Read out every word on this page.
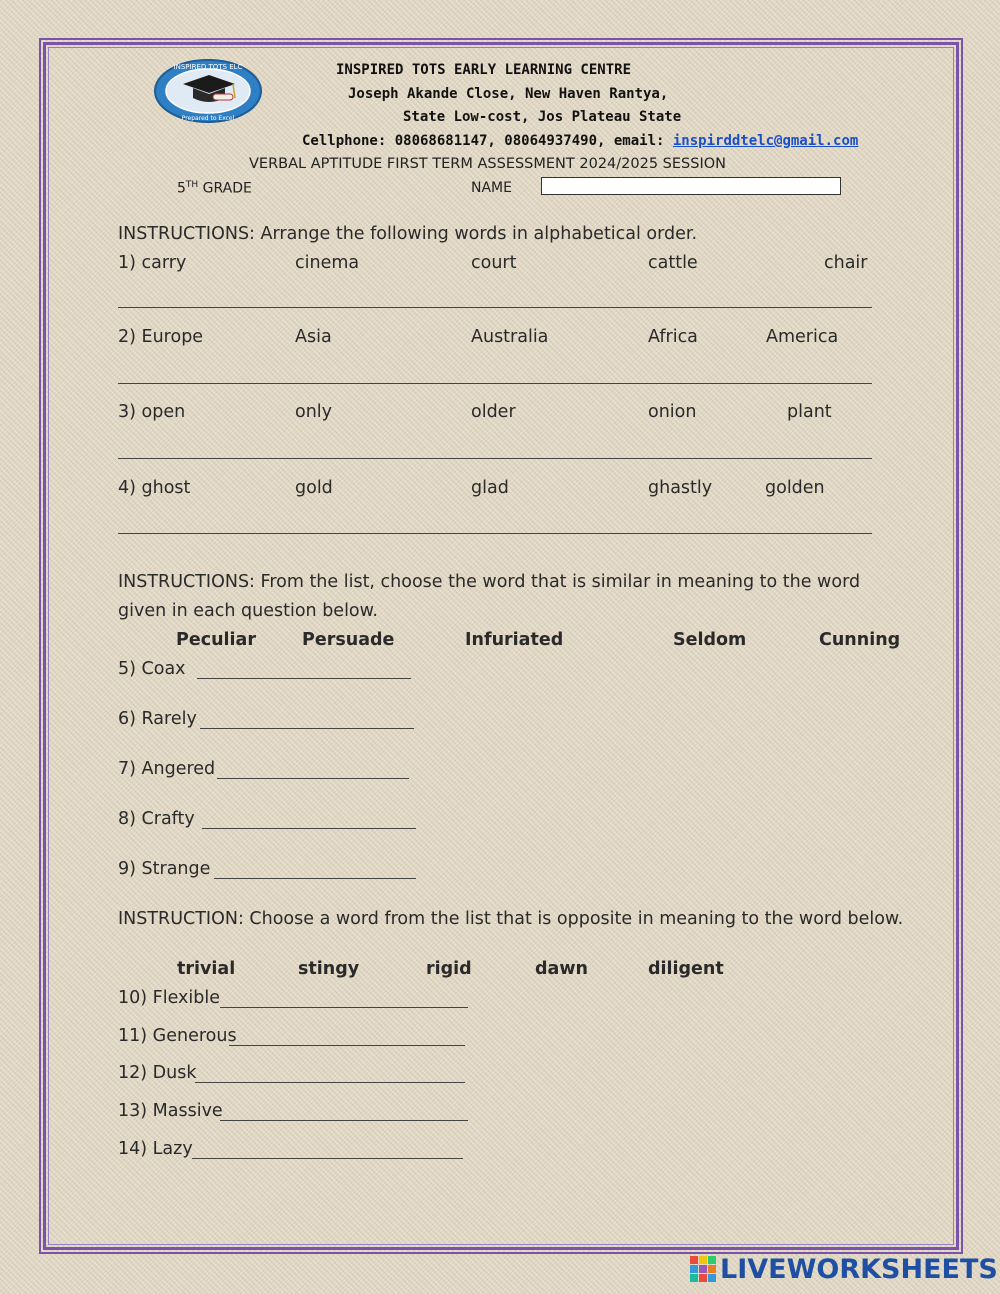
INSPIRED TOTS ELC
Prepared to Excel
INSPIRED TOTS EARLY LEARNING CENTRE
Joseph Akande Close, New Haven Rantya,
State Low-cost, Jos Plateau State
Cellphone: 08068681147, 08064937490, email: inspirddtelc@gmail.com
VERBAL APTITUDE FIRST TERM ASSESSMENT 2024/2025 SESSION
5TH GRADE	NAME
INSTRUCTIONS: Arrange the following words in alphabetical order.
1) carry	cinema	court	cattle	chair
2) Europe	Asia	Australia	Africa	America
3) open	only	older	onion	plant
4) ghost	gold	glad	ghastly	golden
INSTRUCTIONS: From the list, choose the word that is similar in meaning to the word
given in each question below.
Peculiar	Persuade	Infuriated	Seldom	Cunning
5) Coax
6) Rarely
7) Angered
8) Crafty
9) Strange
INSTRUCTION: Choose a word from the list that is opposite in meaning to the word below.
trivial	stingy	rigid	dawn	diligent
10) Flexible
11) Generous
12) Dusk
13) Massive
14) Lazy
LIVEWORKSHEETS
